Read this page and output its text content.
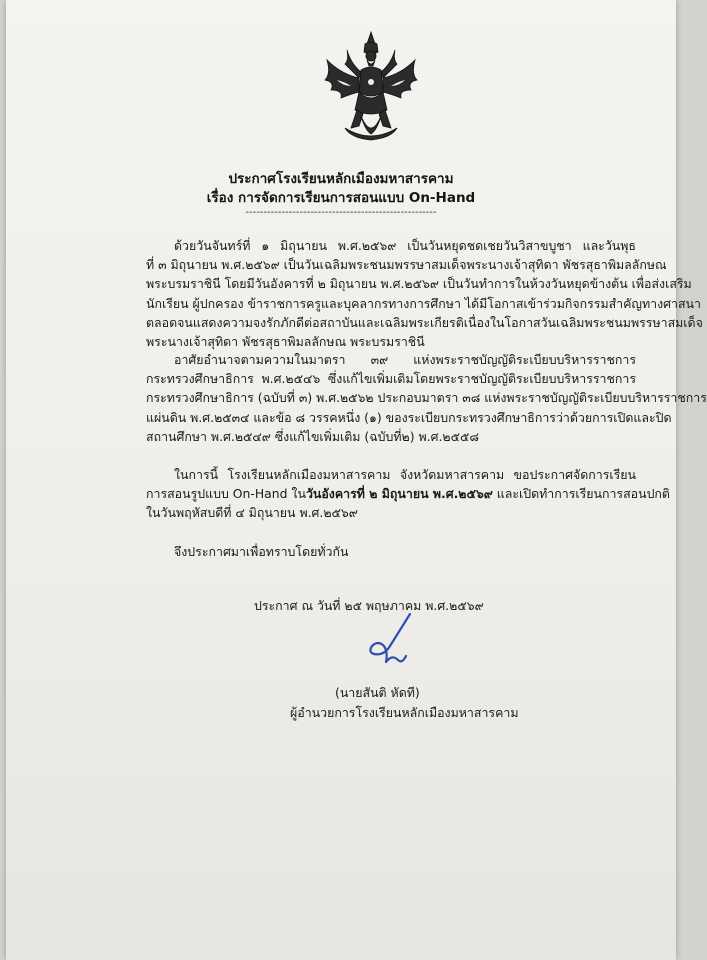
ประกาศโรงเรียนหลักเมืองมหาสารคาม
เรื่อง การจัดการเรียนการสอนแบบ On-Hand
-----------------------------------------------------
ด้วยวันจันทร์ที่ ๑ มิถุนายน พ.ศ.๒๕๖๙ เป็นวันหยุดชดเชยวันวิสาขบูชา และวันพุธ
ที่ ๓ มิถุนายน พ.ศ.๒๕๖๙ เป็นวันเฉลิมพระชนมพรรษาสมเด็จพระนางเจ้าสุทิดา พัชรสุธาพิมลลักษณ
พระบรมราชินี โดยมีวันอังคารที่ ๒ มิถุนายน พ.ศ.๒๕๖๙ เป็นวันทำการในห้วงวันหยุดข้างต้น เพื่อส่งเสริม
นักเรียน ผู้ปกครอง ข้าราชการครูและบุคลากรทางการศึกษา ได้มีโอกาสเข้าร่วมกิจกรรมสำคัญทางศาสนา
ตลอดจนแสดงความจงรักภักดีต่อสถาบันและเฉลิมพระเกียรติเนื่องในโอกาสวันเฉลิมพระชนมพรรษาสมเด็จ
พระนางเจ้าสุทิดา พัชรสุธาพิมลลักษณ พระบรมราชินี
อาศัยอำนาจตามความในมาตรา ๓๙ แห่งพระราชบัญญัติระเบียบบริหารราชการ
กระทรวงศึกษาธิการ พ.ศ.๒๕๔๖ ซึ่งแก้ไขเพิ่มเติมโดยพระราชบัญญัติระเบียบบริหารราชการ
กระทรวงศึกษาธิการ (ฉบับที่ ๓) พ.ศ.๒๕๖๒ ประกอบมาตรา ๓๘ แห่งพระราชบัญญัติระเบียบบริหารราชการ
แผ่นดิน พ.ศ.๒๕๓๔ และข้อ ๘ วรรคหนึ่ง (๑) ของระเบียบกระทรวงศึกษาธิการว่าด้วยการเปิดและปิด
สถานศึกษา พ.ศ.๒๕๔๙ ซึ่งแก้ไขเพิ่มเติม (ฉบับที่๒) พ.ศ.๒๕๕๘
ในการนี้ โรงเรียนหลักเมืองมหาสารคาม จังหวัดมหาสารคาม ขอประกาศจัดการเรียน
การสอนรูปแบบ On-Hand ในวันอังคารที่ ๒ มิถุนายน พ.ศ.๒๕๖๙ และเปิดทำการเรียนการสอนปกติ
ในวันพฤหัสบดีที่ ๔ มิถุนายน พ.ศ.๒๕๖๙
จึงประกาศมาเพื่อทราบโดยทั่วกัน
ประกาศ ณ วันที่ ๒๕ พฤษภาคม พ.ศ.๒๕๖๙
(นายสันติ หัดที)
ผู้อำนวยการโรงเรียนหลักเมืองมหาสารคาม
